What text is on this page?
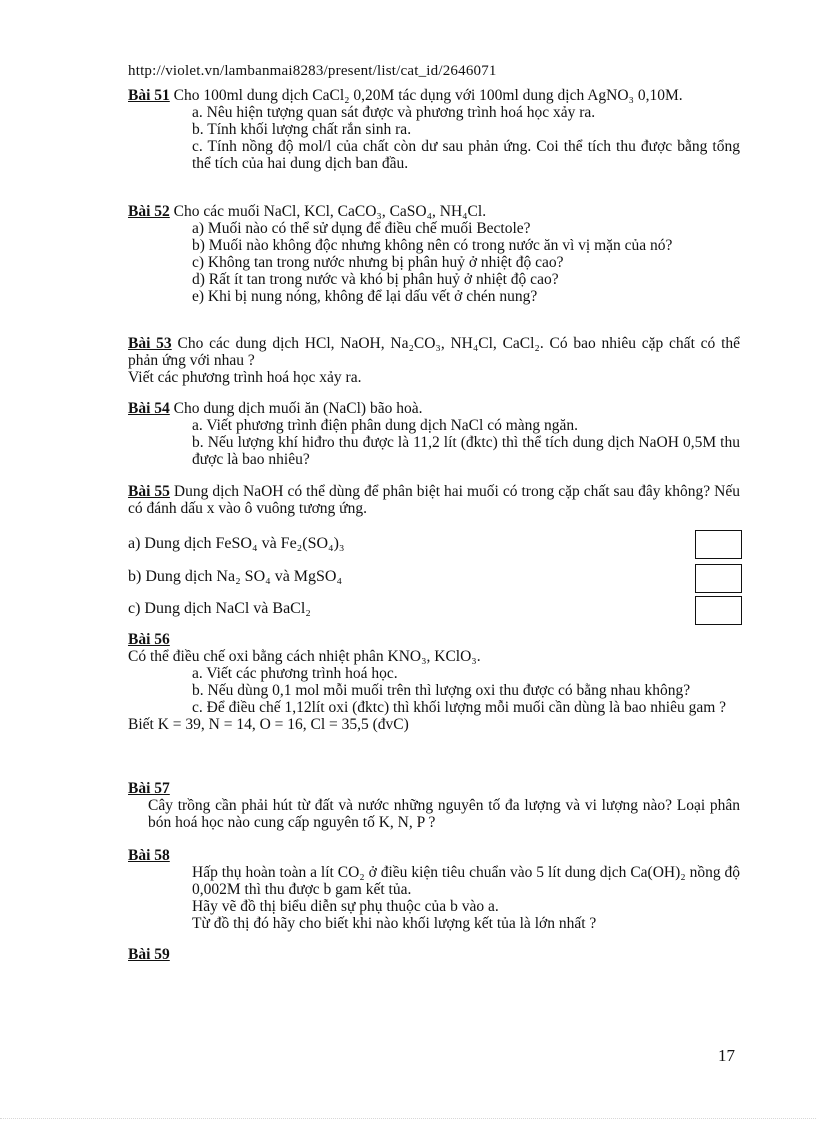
http://violet.vn/lambanmai8283/present/list/cat_id/2646071

Bài 51 Cho 100ml dung dịch CaCl₂ 0,20M tác dụng với 100ml dung dịch AgNO₃ 0,10M.

a. Nêu hiện tượng quan sát được và phương trình hoá học xảy ra.

b. Tính khối lượng chất rắn sinh ra.

c. Tính nồng độ mol/l của chất còn dư sau phản ứng. Coi thể tích thu được bằng tổng thể tích của hai dung dịch ban đầu.

Bài 52 Cho các muối NaCl, KCl, CaCO₃, CaSO₄, NH₄Cl.

a) Muối nào có thể sử dụng để điều chế muối Bectole?

b) Muối nào không độc nhưng không nên có trong nước ăn vì vị mặn của nó?

c) Không tan trong nước nhưng bị phân huỷ ở nhiệt độ cao?

d) Rất ít tan trong nước và khó bị phân huỷ ở nhiệt độ cao?

e) Khi bị nung nóng, không để lại dấu vết ở chén nung?

Bài 53 Cho các dung dịch HCl, NaOH, Na₂CO₃, NH₄Cl, CaCl₂. Có bao nhiêu cặp chất có thể phản ứng với nhau ?

Viết các phương trình hoá học xảy ra.

Bài 54 Cho dung dịch muối ăn (NaCl) bão hoà.

a. Viết phương trình điện phân dung dịch NaCl có màng ngăn.

b. Nếu lượng khí hiđro thu được là 11,2 lít (đktc) thì thể tích dung dịch NaOH 0,5M thu được là bao nhiêu?

Bài 55 Dung dịch NaOH có thể dùng để phân biệt hai muối có trong cặp chất sau đây không? Nếu có đánh dấu x vào ô vuông tương ứng.

a) Dung dịch FeSO₄ và Fe₂(SO₄)₃
b) Dung dịch Na₂ SO₄ và MgSO₄
c) Dung dịch NaCl và BaCl₂

Bài 56

Có thể điều chế oxi bằng cách nhiệt phân KNO₃, KClO₃.

a. Viết các phương trình hoá học.

b. Nếu dùng 0,1 mol mỗi muối trên thì lượng oxi thu được có bằng nhau không?

c. Để điều chế 1,12lít oxi (đktc) thì khối lượng mỗi muối cần dùng là bao nhiêu gam ?

Biết K = 39, N = 14, O = 16, Cl = 35,5 (đvC)

Bài 57

Cây trồng cần phải hút từ đất và nước những nguyên tố đa lượng và vi lượng nào? Loại phân bón hoá học nào cung cấp nguyên tố K, N, P ?

Bài 58

Hấp thụ hoàn toàn a lít CO₂ ở điều kiện tiêu chuẩn vào 5 lít dung dịch Ca(OH)₂ nồng độ 0,002M thì thu được b gam kết tủa.

Hãy vẽ đồ thị biểu diễn sự phụ thuộc của b vào a.

Từ đồ thị đó hãy cho biết khi nào khối lượng kết tủa là lớn nhất ?

Bài 59

17
